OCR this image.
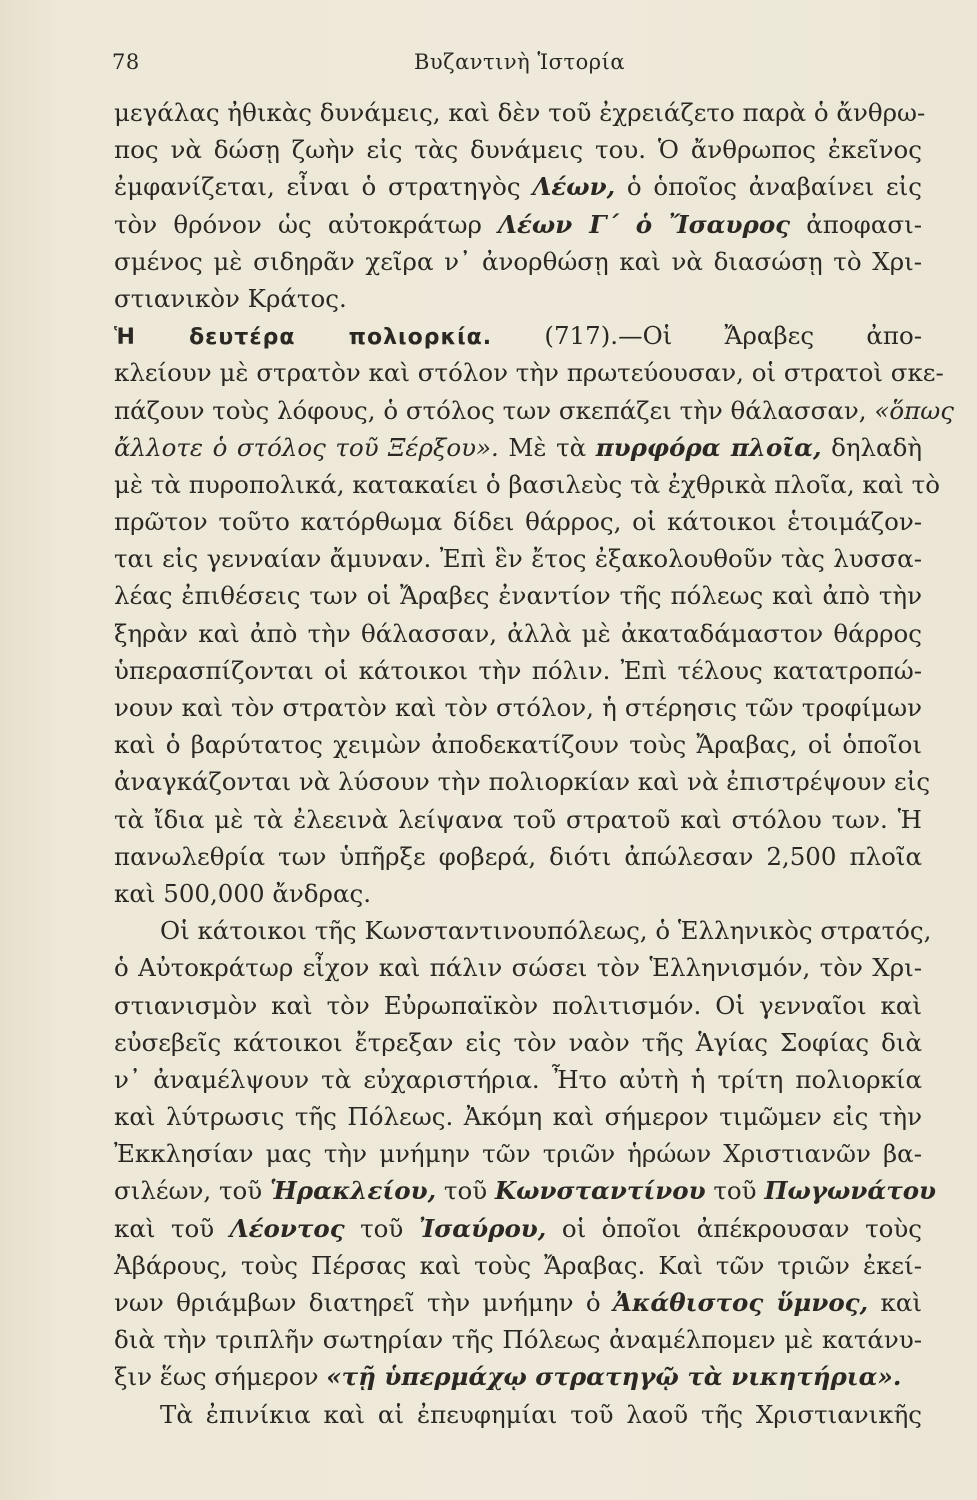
78	Βυζαντινὴ Ἱστορία
μεγάλας ἠθικὰς δυνάμεις, καὶ δὲν τοῦ ἐχρειάζετο παρὰ ὁ ἄνθρω-
πος νὰ δώσῃ ζωὴν εἰς τὰς δυνάμεις του. Ὁ ἄνθρωπος ἐκεῖνος
ἐμφανίζεται, εἶναι ὁ στρατηγὸς Λέων, ὁ ὁποῖος ἀναβαίνει εἰς
τὸν θρόνον ὡς αὐτοκράτωρ Λέων Γ΄ ὁ Ἴσαυρος ἀποφασι-
σμένος μὲ σιδηρᾶν χεῖρα ν᾽ ἀνορθώσῃ καὶ νὰ διασώσῃ τὸ Χρι-
στιανικὸν Κράτος.
Ἡ δευτέρα πολιορκία. (717).—Οἱ Ἄραβες ἀπο-
κλείουν μὲ στρατὸν καὶ στόλον τὴν πρωτεύουσαν, οἱ στρατοὶ σκε-
πάζουν τοὺς λόφους, ὁ στόλος των σκεπάζει τὴν θάλασσαν, «ὅπως
ἄλλοτε ὁ στόλος τοῦ Ξέρξου». Μὲ τὰ πυρφόρα πλοῖα, δηλαδὴ
μὲ τὰ πυροπολικά, κατακαίει ὁ βασιλεὺς τὰ ἐχθρικὰ πλοῖα, καὶ τὸ
πρῶτον τοῦτο κατόρθωμα δίδει θάρρος, οἱ κάτοικοι ἑτοιμάζον-
ται εἰς γενναίαν ἄμυναν. Ἐπὶ ἓν ἔτος ἐξακολουθοῦν τὰς λυσσα-
λέας ἐπιθέσεις των οἱ Ἄραβες ἐναντίον τῆς πόλεως καὶ ἀπὸ τὴν
ξηρὰν καὶ ἀπὸ τὴν θάλασσαν, ἀλλὰ μὲ ἀκαταδάμαστον θάρρος
ὑπερασπίζονται οἱ κάτοικοι τὴν πόλιν. Ἐπὶ τέλους κατατροπώ-
νουν καὶ τὸν στρατὸν καὶ τὸν στόλον, ἡ στέρησις τῶν τροφίμων
καὶ ὁ βαρύτατος χειμὼν ἀποδεκατίζουν τοὺς Ἄραβας, οἱ ὁποῖοι
ἀναγκάζονται νὰ λύσουν τὴν πολιορκίαν καὶ νὰ ἐπιστρέψουν εἰς
τὰ ἴδια μὲ τὰ ἐλεεινὰ λείψανα τοῦ στρατοῦ καὶ στόλου των. Ἡ
πανωλεθρία των ὑπῆρξε φοβερά, διότι ἀπώλεσαν 2,500 πλοῖα
καὶ 500,000 ἄνδρας.
Οἱ κάτοικοι τῆς Κωνσταντινουπόλεως, ὁ Ἑλληνικὸς στρατός,
ὁ Αὐτοκράτωρ εἶχον καὶ πάλιν σώσει τὸν Ἑλληνισμόν, τὸν Χρι-
στιανισμὸν καὶ τὸν Εὐρωπαϊκὸν πολιτισμόν. Οἱ γενναῖοι καὶ
εὐσεβεῖς κάτοικοι ἔτρεξαν εἰς τὸν ναὸν τῆς Ἁγίας Σοφίας διὰ
ν᾽ ἀναμέλψουν τὰ εὐχαριστήρια. Ἦτο αὐτὴ ἡ τρίτη πολιορκία
καὶ λύτρωσις τῆς Πόλεως. Ἀκόμη καὶ σήμερον τιμῶμεν εἰς τὴν
Ἐκκλησίαν μας τὴν μνήμην τῶν τριῶν ἡρώων Χριστιανῶν βα-
σιλέων, τοῦ Ἡρακλείου, τοῦ Κωνσταντίνου τοῦ Πωγωνάτου
καὶ τοῦ Λέοντος τοῦ Ἰσαύρου, οἱ ὁποῖοι ἀπέκρουσαν τοὺς
Ἀβάρους, τοὺς Πέρσας καὶ τοὺς Ἄραβας. Καὶ τῶν τριῶν ἐκεί-
νων θριάμβων διατηρεῖ τὴν μνήμην ὁ Ἀκάθιστος ὕμνος, καὶ
διὰ τὴν τριπλῆν σωτηρίαν τῆς Πόλεως ἀναμέλπομεν μὲ κατάνυ-
ξιν ἕως σήμερον «τῇ ὑπερμάχῳ στρατηγῷ τὰ νικητήρια».
Τὰ ἐπινίκια καὶ αἱ ἐπευφημίαι τοῦ λαοῦ τῆς Χριστιανικῆς
